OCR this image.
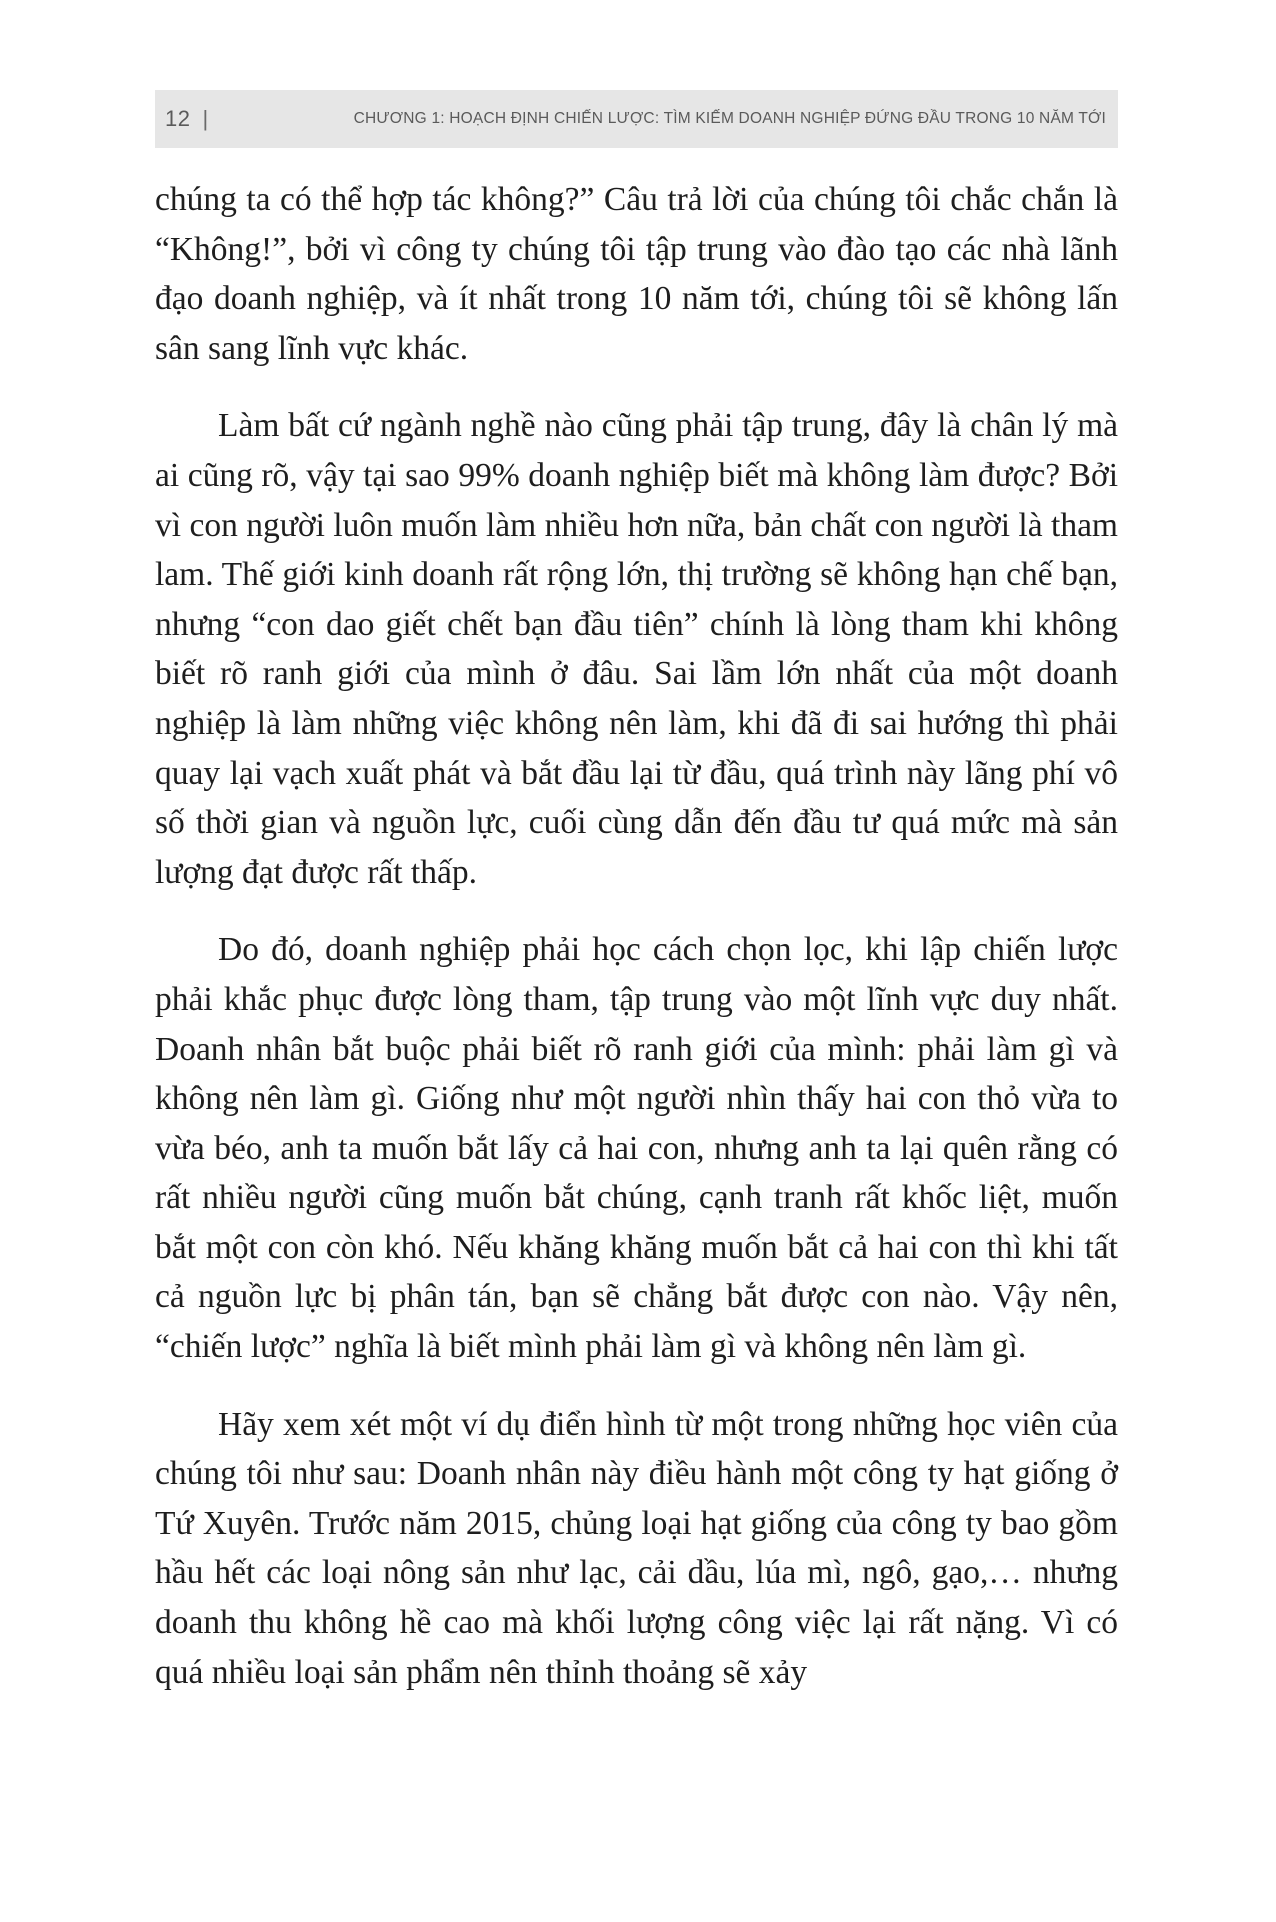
12 |	CHƯƠNG 1: HOẠCH ĐỊNH CHIẾN LƯỢC: TÌM KIẾM DOANH NGHIỆP ĐỨNG ĐẦU TRONG 10 NĂM TỚI

chúng ta có thể hợp tác không?” Câu trả lời của chúng tôi chắc chắn là “Không!”, bởi vì công ty chúng tôi tập trung vào đào tạo các nhà lãnh đạo doanh nghiệp, và ít nhất trong 10 năm tới, chúng tôi sẽ không lấn sân sang lĩnh vực khác.

Làm bất cứ ngành nghề nào cũng phải tập trung, đây là chân lý mà ai cũng rõ, vậy tại sao 99% doanh nghiệp biết mà không làm được? Bởi vì con người luôn muốn làm nhiều hơn nữa, bản chất con người là tham lam. Thế giới kinh doanh rất rộng lớn, thị trường sẽ không hạn chế bạn, nhưng “con dao giết chết bạn đầu tiên” chính là lòng tham khi không biết rõ ranh giới của mình ở đâu. Sai lầm lớn nhất của một doanh nghiệp là làm những việc không nên làm, khi đã đi sai hướng thì phải quay lại vạch xuất phát và bắt đầu lại từ đầu, quá trình này lãng phí vô số thời gian và nguồn lực, cuối cùng dẫn đến đầu tư quá mức mà sản lượng đạt được rất thấp.

Do đó, doanh nghiệp phải học cách chọn lọc, khi lập chiến lược phải khắc phục được lòng tham, tập trung vào một lĩnh vực duy nhất. Doanh nhân bắt buộc phải biết rõ ranh giới của mình: phải làm gì và không nên làm gì. Giống như một người nhìn thấy hai con thỏ vừa to vừa béo, anh ta muốn bắt lấy cả hai con, nhưng anh ta lại quên rằng có rất nhiều người cũng muốn bắt chúng, cạnh tranh rất khốc liệt, muốn bắt một con còn khó. Nếu khăng khăng muốn bắt cả hai con thì khi tất cả nguồn lực bị phân tán, bạn sẽ chẳng bắt được con nào. Vậy nên, “chiến lược” nghĩa là biết mình phải làm gì và không nên làm gì.

Hãy xem xét một ví dụ điển hình từ một trong những học viên của chúng tôi như sau: Doanh nhân này điều hành một công ty hạt giống ở Tứ Xuyên. Trước năm 2015, chủng loại hạt giống của công ty bao gồm hầu hết các loại nông sản như lạc, cải dầu, lúa mì, ngô, gạo,… nhưng doanh thu không hề cao mà khối lượng công việc lại rất nặng. Vì có quá nhiều loại sản phẩm nên thỉnh thoảng sẽ xảy
